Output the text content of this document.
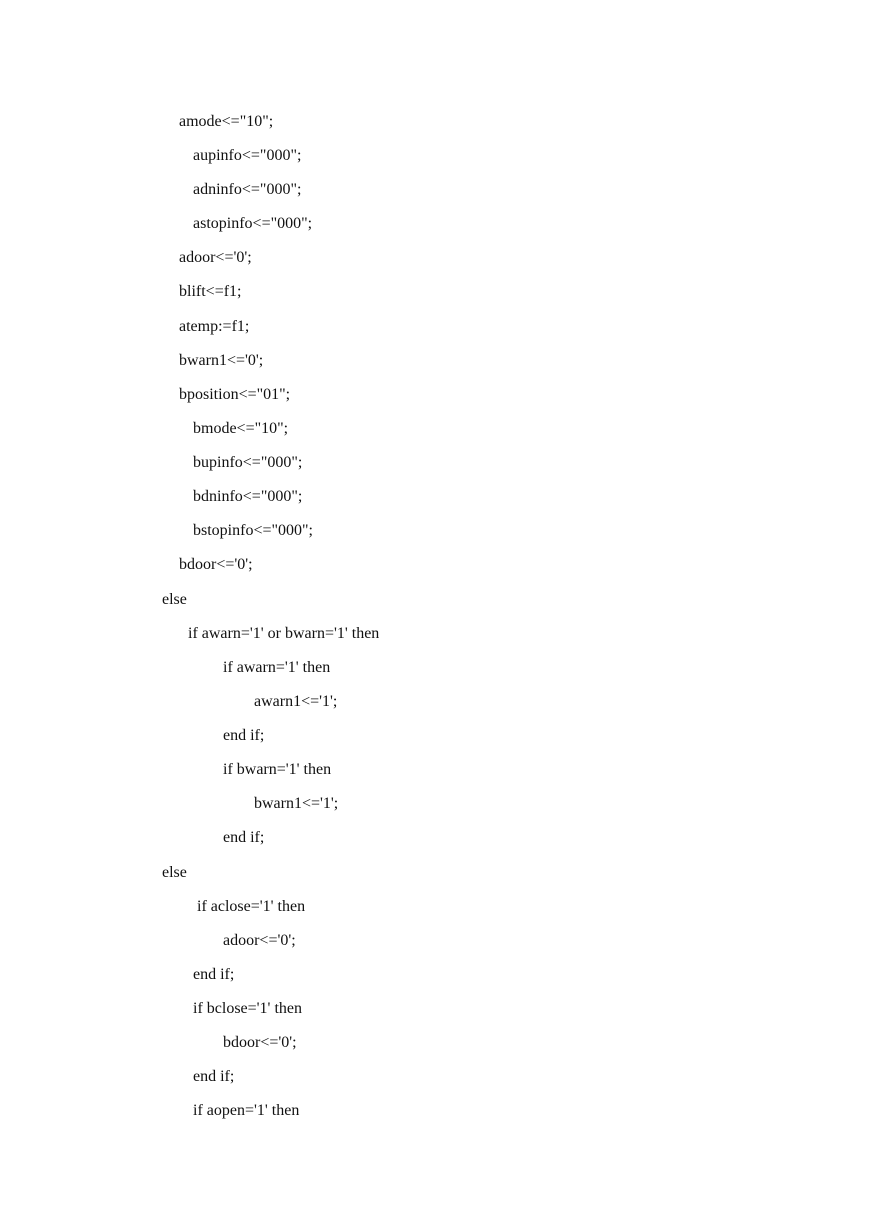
amode<="10";

aupinfo<="000";

adninfo<="000";

astopinfo<="000";

adoor<='0';

blift<=f1;

atemp:=f1;

bwarn1<='0';

bposition<="01";

bmode<="10";

bupinfo<="000";

bdninfo<="000";

bstopinfo<="000";

bdoor<='0';

else

if awarn='1' or bwarn='1' then

if awarn='1' then

awarn1<='1';

end if;

if bwarn='1' then

bwarn1<='1';

end if;

else

if aclose='1' then

adoor<='0';

end if;

if bclose='1' then

bdoor<='0';

end if;

if aopen='1' then
